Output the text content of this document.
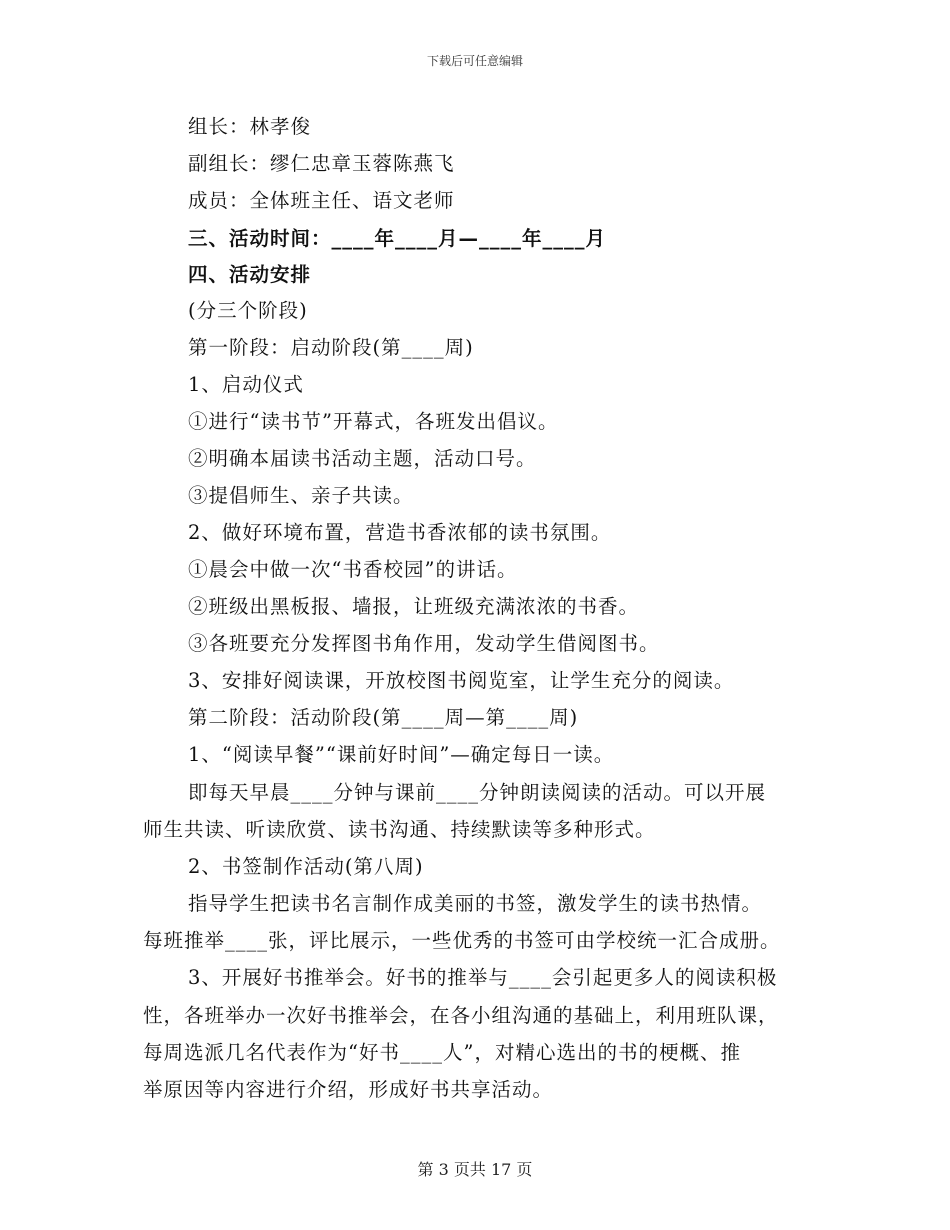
下载后可任意编辑
组长：林孝俊
副组长：缪仁忠章玉蓉陈燕飞
成员：全体班主任、语文老师
三、活动时间：____年____月—____年____月
四、活动安排
(分三个阶段)
第一阶段：启动阶段(第____周)
1、启动仪式
①进行“读书节”开幕式，各班发出倡议。
②明确本届读书活动主题，活动口号。
③提倡师生、亲子共读。
2、做好环境布置，营造书香浓郁的读书氛围。
①晨会中做一次“书香校园”的讲话。
②班级出黑板报、墙报，让班级充满浓浓的书香。
③各班要充分发挥图书角作用，发动学生借阅图书。
3、安排好阅读课，开放校图书阅览室，让学生充分的阅读。
第二阶段：活动阶段(第____周—第____周)
1、“阅读早餐”“课前好时间”—确定每日一读。
即每天早晨____分钟与课前____分钟朗读阅读的活动。可以开展
师生共读、听读欣赏、读书沟通、持续默读等多种形式。
2、书签制作活动(第八周)
指导学生把读书名言制作成美丽的书签，激发学生的读书热情。
每班推举____张，评比展示，一些优秀的书签可由学校统一汇合成册。
3、开展好书推举会。好书的推举与____会引起更多人的阅读积极
性，各班举办一次好书推举会，在各小组沟通的基础上，利用班队课，
每周选派几名代表作为“好书____人”，对精心选出的书的梗概、推
举原因等内容进行介绍，形成好书共享活动。
第 3 页共 17 页
